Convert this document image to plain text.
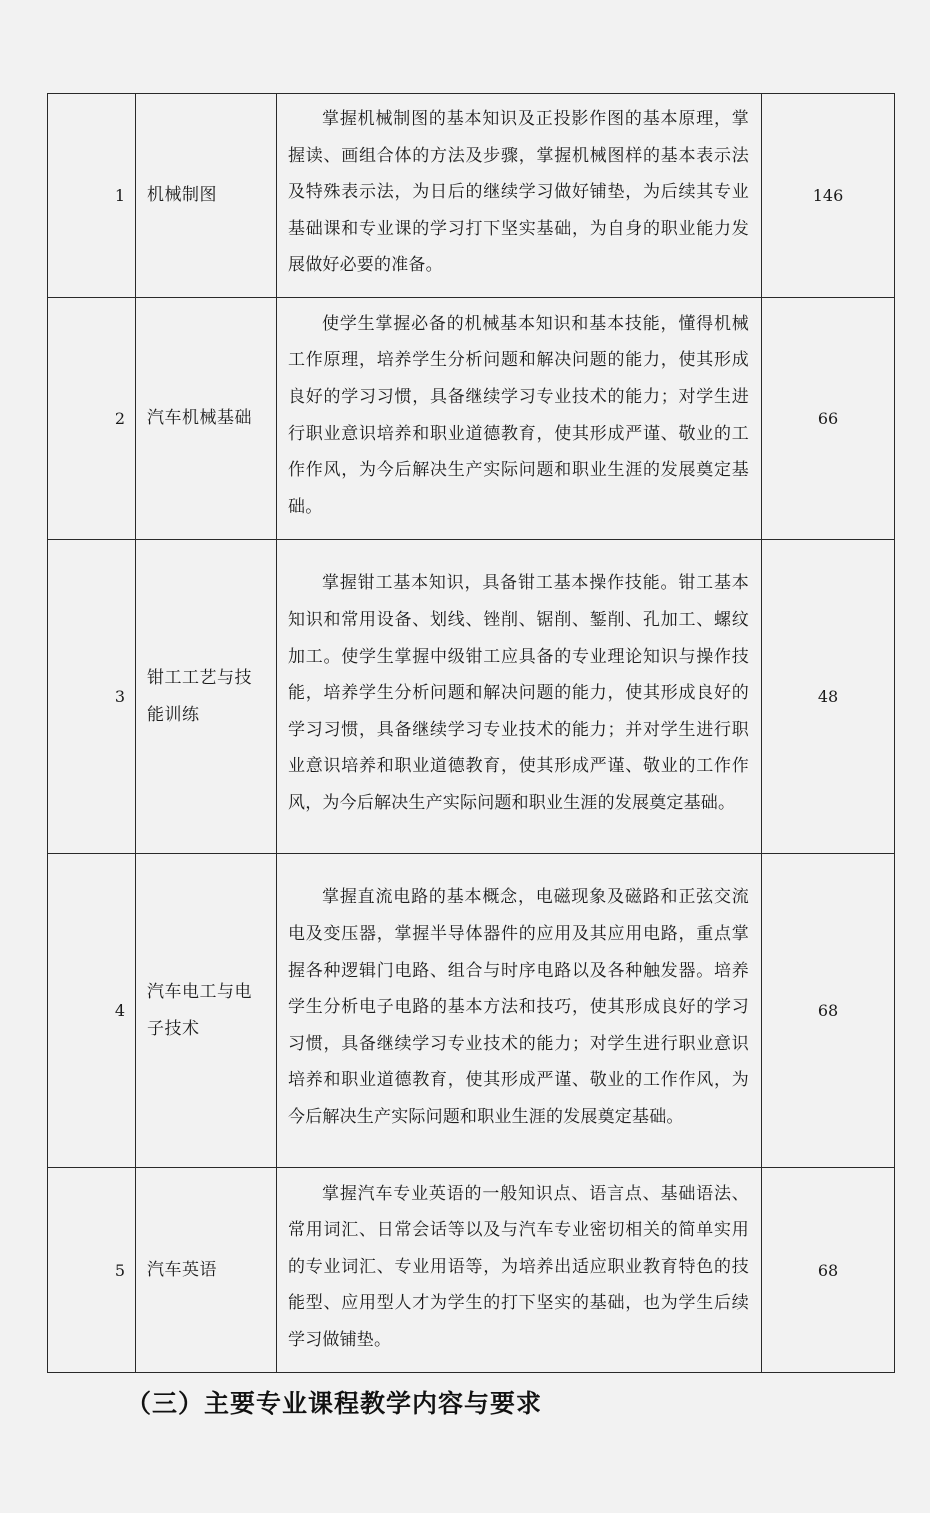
1	机械制图	掌握机械制图的基本知识及正投影作图的基本原理，掌握读、画组合体的方法及步骤，掌握机械图样的基本表示法及特殊表示法，为日后的继续学习做好铺垫，为后续其专业基础课和专业课的学习打下坚实基础，为自身的职业能力发展做好必要的准备。	146
2	汽车机械基础	使学生掌握必备的机械基本知识和基本技能，懂得机械工作原理，培养学生分析问题和解决问题的能力，使其形成良好的学习习惯，具备继续学习专业技术的能力；对学生进行职业意识培养和职业道德教育，使其形成严谨、敬业的工作作风，为今后解决生产实际问题和职业生涯的发展奠定基础。	66
3	钳工工艺与技能训练	掌握钳工基本知识，具备钳工基本操作技能。钳工基本知识和常用设备、划线、锉削、锯削、錾削、孔加工、螺纹加工。使学生掌握中级钳工应具备的专业理论知识与操作技能，培养学生分析问题和解决问题的能力，使其形成良好的学习习惯，具备继续学习专业技术的能力；并对学生进行职业意识培养和职业道德教育，使其形成严谨、敬业的工作作风，为今后解决生产实际问题和职业生涯的发展奠定基础。	48
4	汽车电工与电子技术	掌握直流电路的基本概念，电磁现象及磁路和正弦交流电及变压器，掌握半导体器件的应用及其应用电路，重点掌握各种逻辑门电路、组合与时序电路以及各种触发器。培养学生分析电子电路的基本方法和技巧，使其形成良好的学习习惯，具备继续学习专业技术的能力；对学生进行职业意识培养和职业道德教育，使其形成严谨、敬业的工作作风，为今后解决生产实际问题和职业生涯的发展奠定基础。	68
5	汽车英语	掌握汽车专业英语的一般知识点、语言点、基础语法、常用词汇、日常会话等以及与汽车专业密切相关的简单实用的专业词汇、专业用语等，为培养出适应职业教育特色的技能型、应用型人才为学生的打下坚实的基础，也为学生后续学习做铺垫。	68
（三）主要专业课程教学内容与要求
